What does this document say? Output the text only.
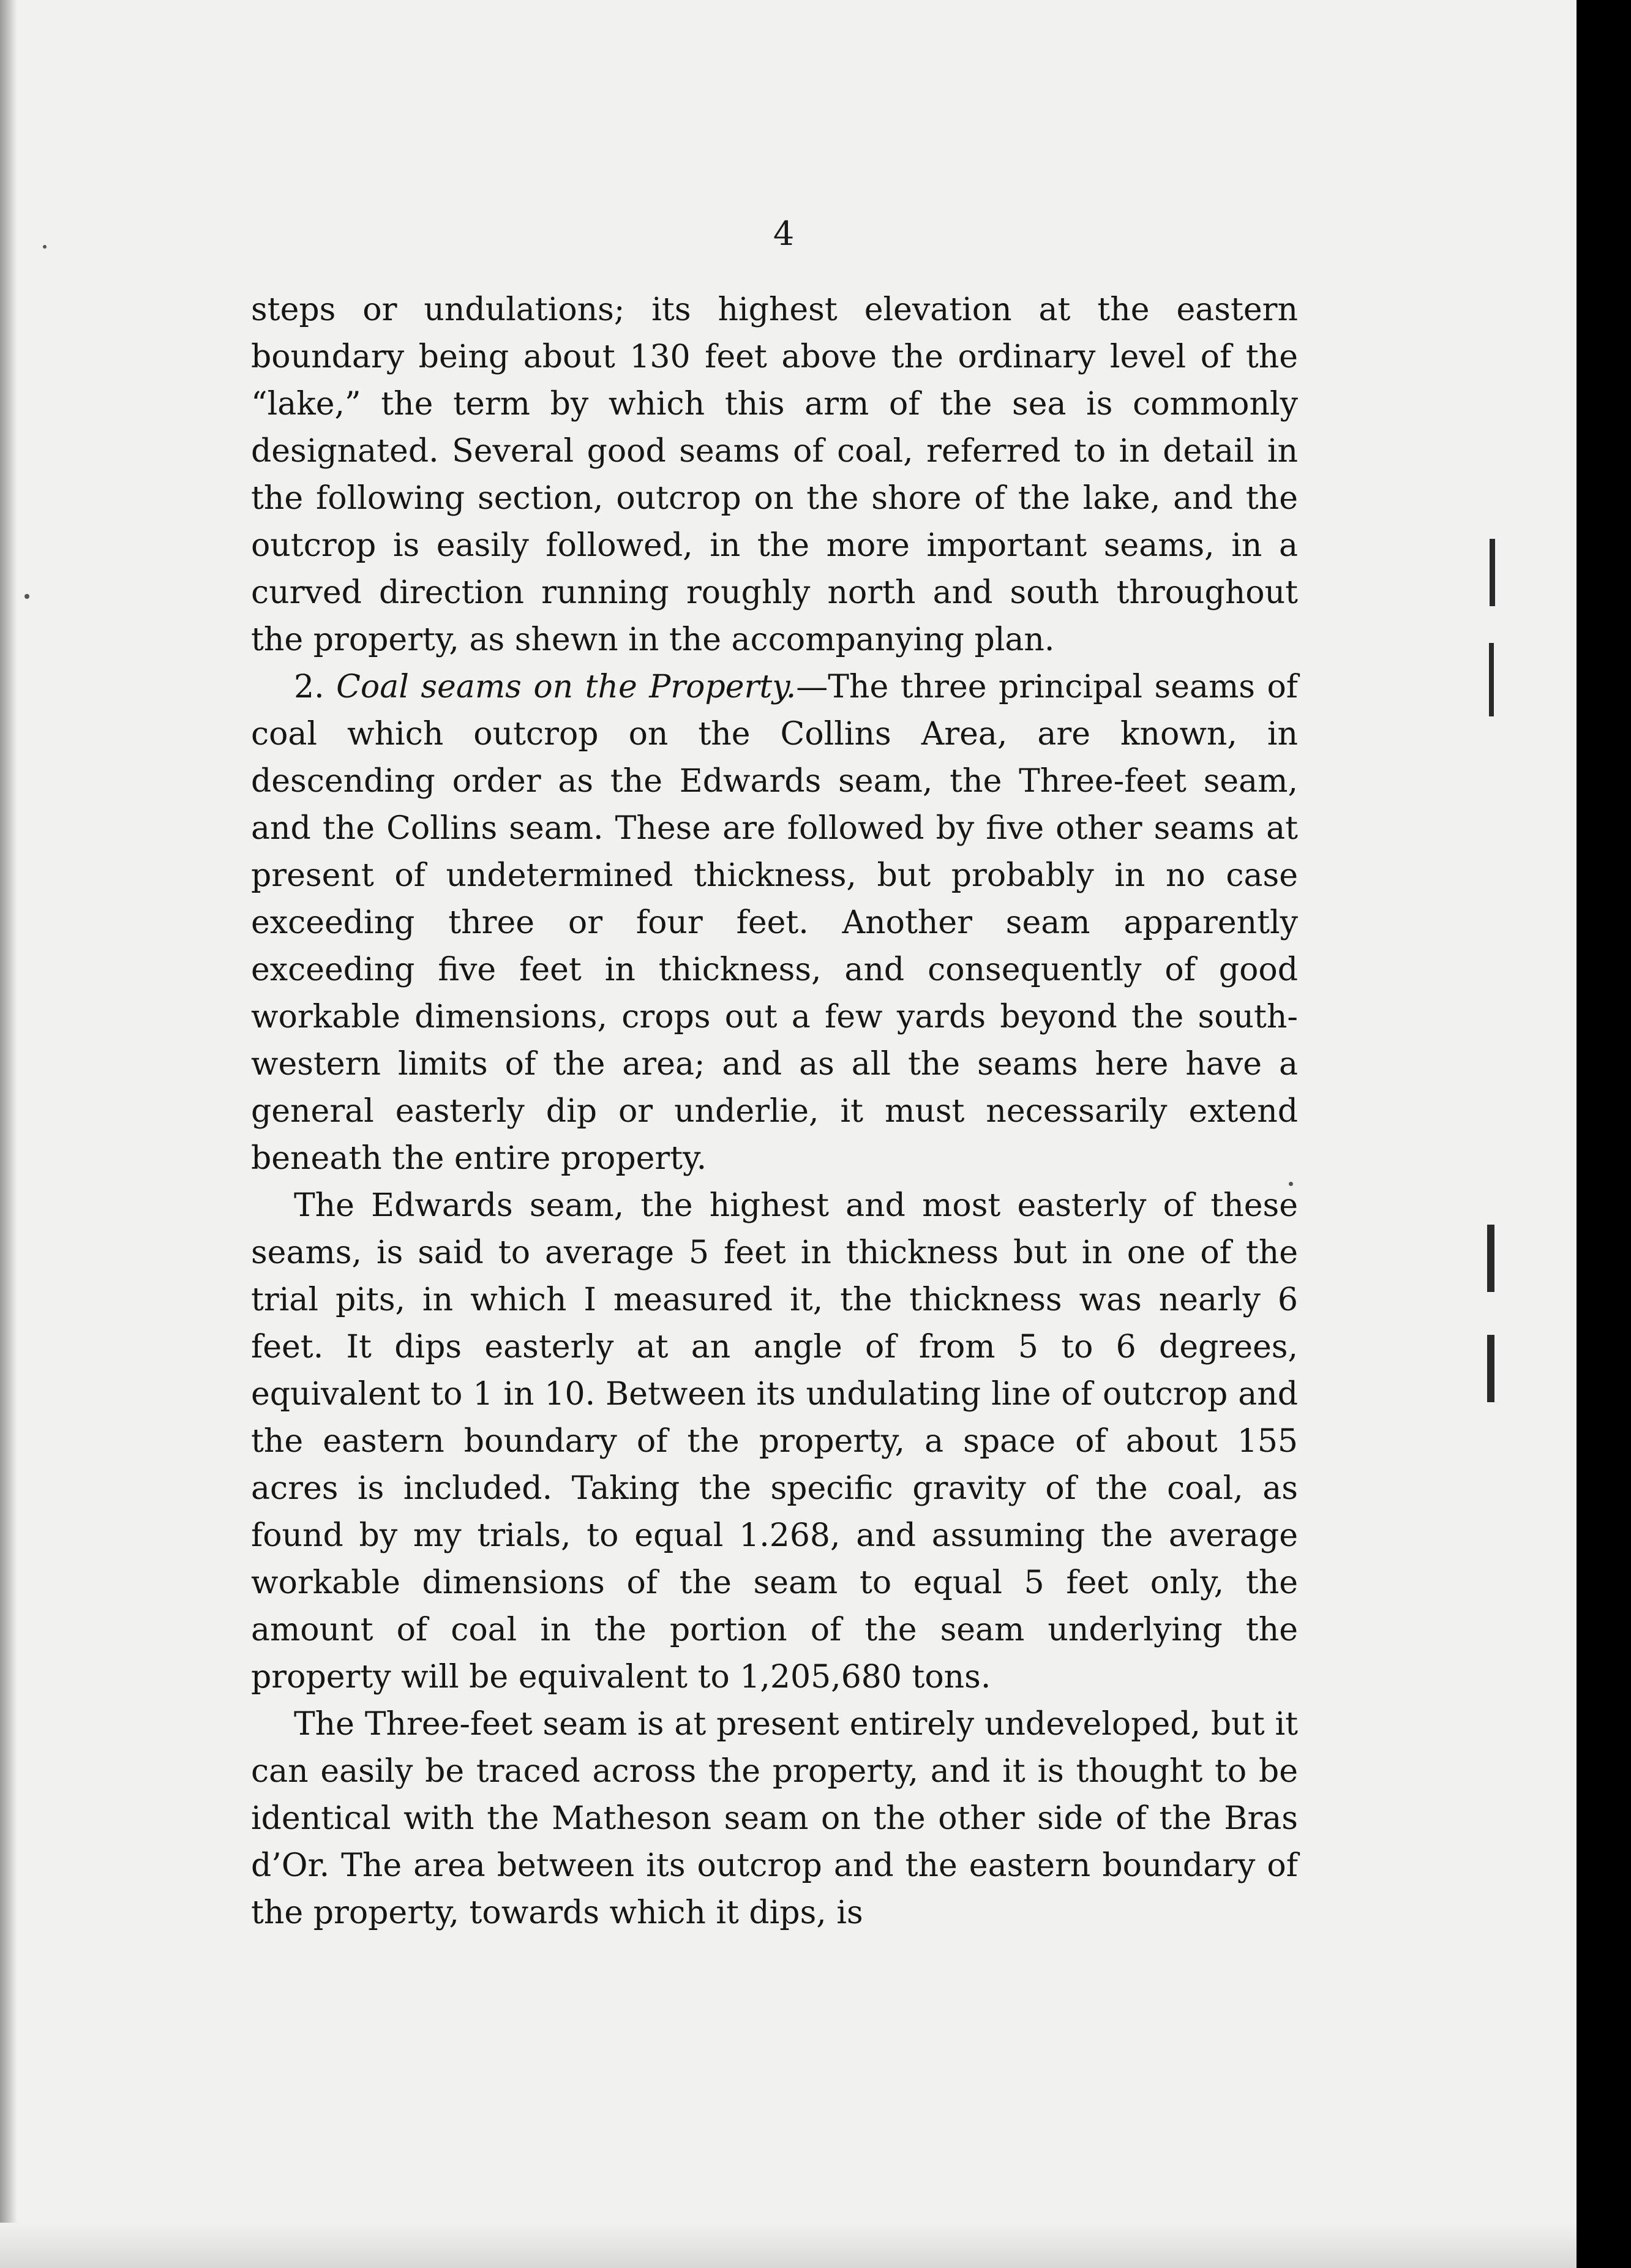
4

steps or undulations; its highest elevation at the eastern boundary being about 130 feet above the ordinary level of the “lake,” the term by which this arm of the sea is commonly designated. Several good seams of coal, referred to in detail in the following section, outcrop on the shore of the lake, and the outcrop is easily followed, in the more important seams, in a curved direction running roughly north and south throughout the property, as shewn in the accompanying plan.

2. Coal seams on the Property.—The three principal seams of coal which outcrop on the Collins Area, are known, in descending order as the Edwards seam, the Three-feet seam, and the Collins seam. These are followed by five other seams at present of undetermined thickness, but probably in no case exceeding three or four feet. Another seam apparently exceeding five feet in thickness, and consequently of good workable dimensions, crops out a few yards beyond the south-western limits of the area; and as all the seams here have a general easterly dip or underlie, it must necessarily extend beneath the entire property.

The Edwards seam, the highest and most easterly of these seams, is said to average 5 feet in thickness but in one of the trial pits, in which I measured it, the thickness was nearly 6 feet. It dips easterly at an angle of from 5 to 6 degrees, equivalent to 1 in 10. Between its undulating line of outcrop and the eastern boundary of the property, a space of about 155 acres is included. Taking the specific gravity of the coal, as found by my trials, to equal 1.268, and assuming the average workable dimensions of the seam to equal 5 feet only, the amount of coal in the portion of the seam underlying the property will be equivalent to 1,205,680 tons.

The Three-feet seam is at present entirely undeveloped, but it can easily be traced across the property, and it is thought to be identical with the Matheson seam on the other side of the Bras d’Or. The area between its outcrop and the eastern boundary of the property, towards which it dips, is
